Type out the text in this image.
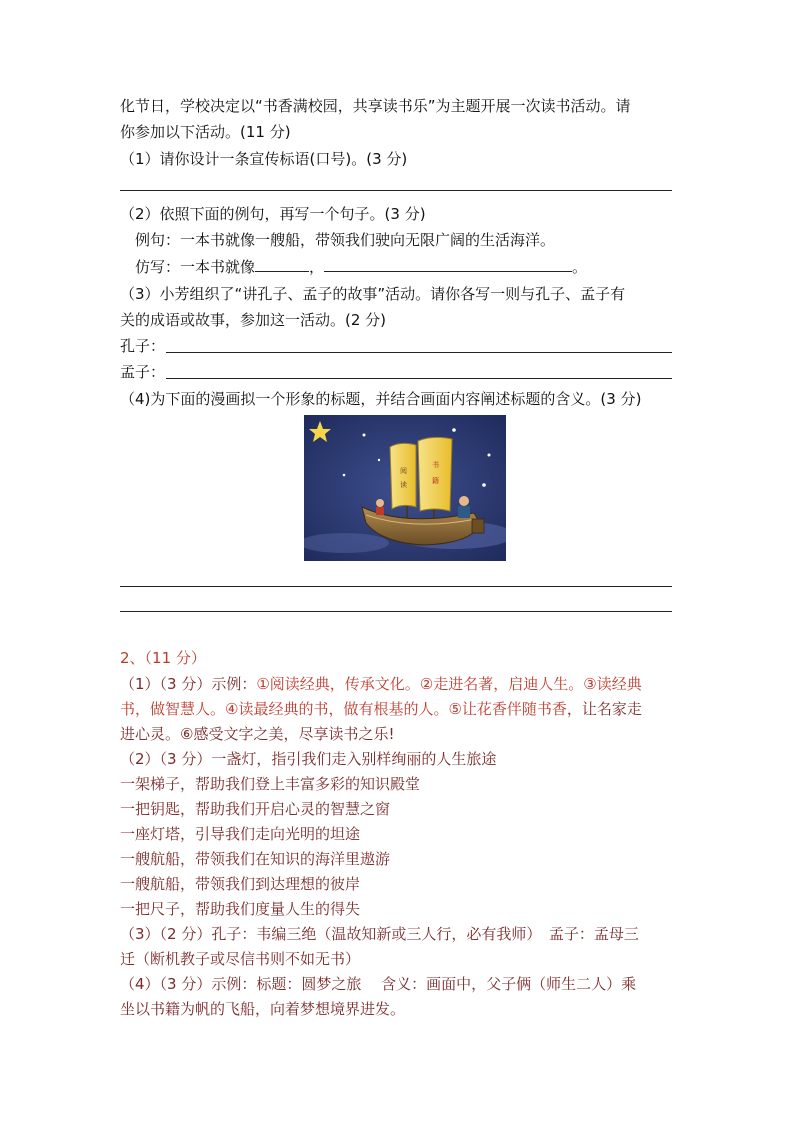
化节日，学校决定以“书香满校园，共享读书乐”为主题开展一次读书活动。请
你参加以下活动。(11 分)
（1）请你设计一条宣传标语(口号)。(3 分)
（2）依照下面的例句，再写一个句子。(3 分)
例句：一本书就像一艘船，带领我们驶向无限广阔的生活海洋。
仿写：一本书就像	，	。
（3）小芳组织了“讲孔子、孟子的故事”活动。请你各写一则与孔子、孟子有
关的成语或故事，参加这一活动。(2 分)
孔子：
孟子：
（4)为下面的漫画拟一个形象的标题，并结合画面内容阐述标题的含义。(3 分)
阅
读
书
籍
2、（11 分）
（1）（3 分）示例：①阅读经典，传承文化。②走进名著，启迪人生。③读经典
书，做智慧人。④读最经典的书，做有根基的人。⑤让花香伴随书香，让名家走
进心灵。⑥感受文字之美，尽享读书之乐!
（2）（3 分）一盏灯，指引我们走入别样绚丽的人生旅途
一架梯子，帮助我们登上丰富多彩的知识殿堂
一把钥匙，帮助我们开启心灵的智慧之窗
一座灯塔，引导我们走向光明的坦途
一艘航船，带领我们在知识的海洋里遨游
一艘航船，带领我们到达理想的彼岸
一把尺子，帮助我们度量人生的得失
（3）（2 分）孔子：韦编三绝（温故知新或三人行，必有我师）　孟子：孟母三
迁（断机教子或尽信书则不如无书）
（4）（3 分）示例：标题：圆梦之旅　 含义：画面中，父子俩（师生二人）乘
坐以书籍为帆的飞船，向着梦想境界进发。
